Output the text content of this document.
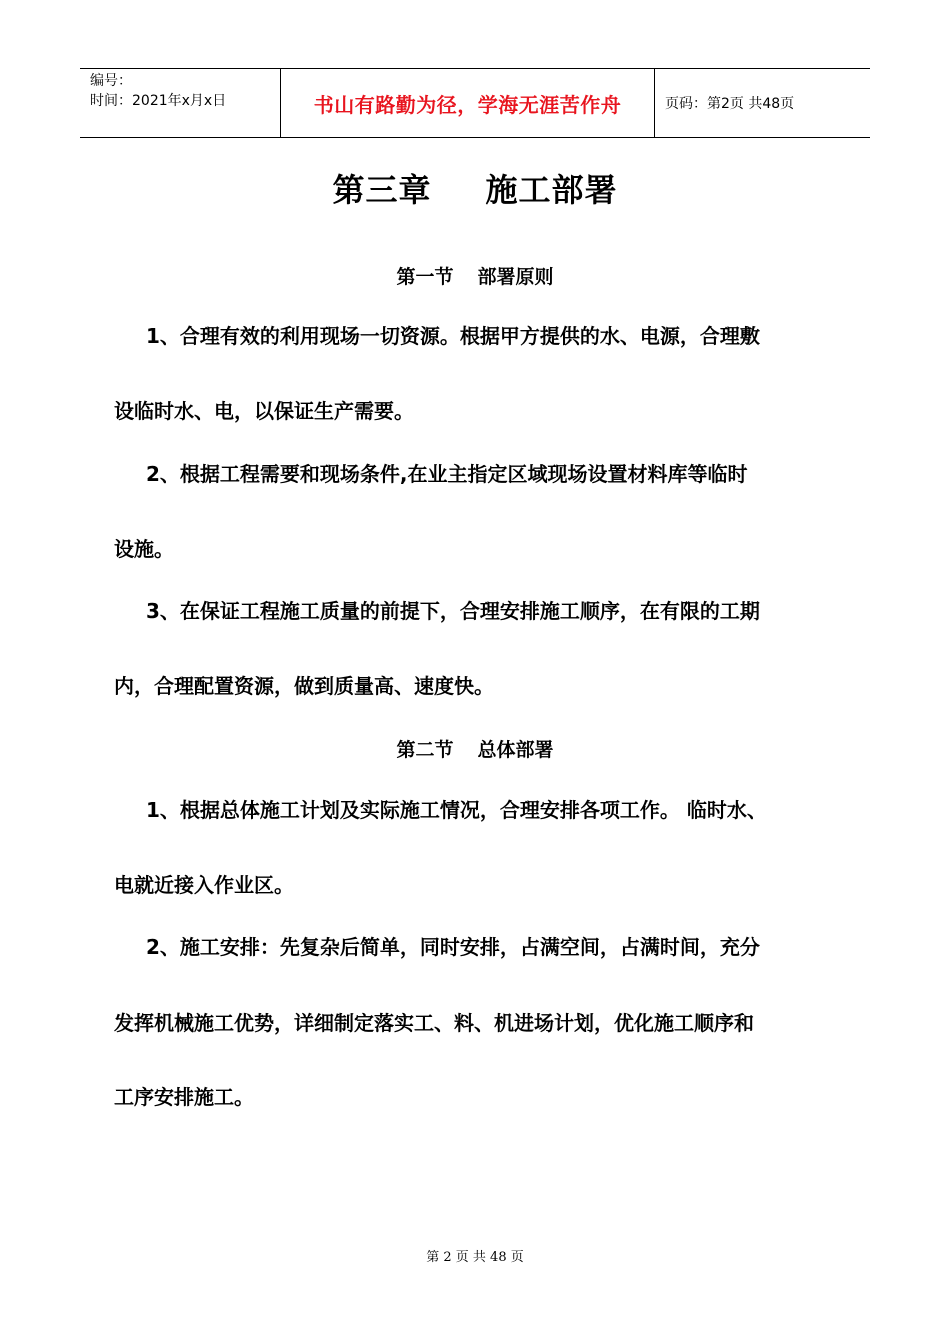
编号：
时间：2021年x月x日	书山有路勤为径，学海无涯苦作舟	页码：第2页 共48页
第三章 施工部署
第一节 部署原则
1、合理有效的利用现场一切资源。根据甲方提供的水、电源，合理敷
设临时水、电，以保证生产需要。
2、根据工程需要和现场条件,在业主指定区域现场设置材料库等临时
设施。
3、在保证工程施工质量的前提下，合理安排施工顺序，在有限的工期
内，合理配置资源，做到质量高、速度快。
第二节 总体部署
1、根据总体施工计划及实际施工情况，合理安排各项工作。 临时水、
电就近接入作业区。
2、施工安排：先复杂后简单，同时安排，占满空间，占满时间，充分
发挥机械施工优势，详细制定落实工、料、机进场计划，优化施工顺序和
工序安排施工。
第 2 页 共 48 页
